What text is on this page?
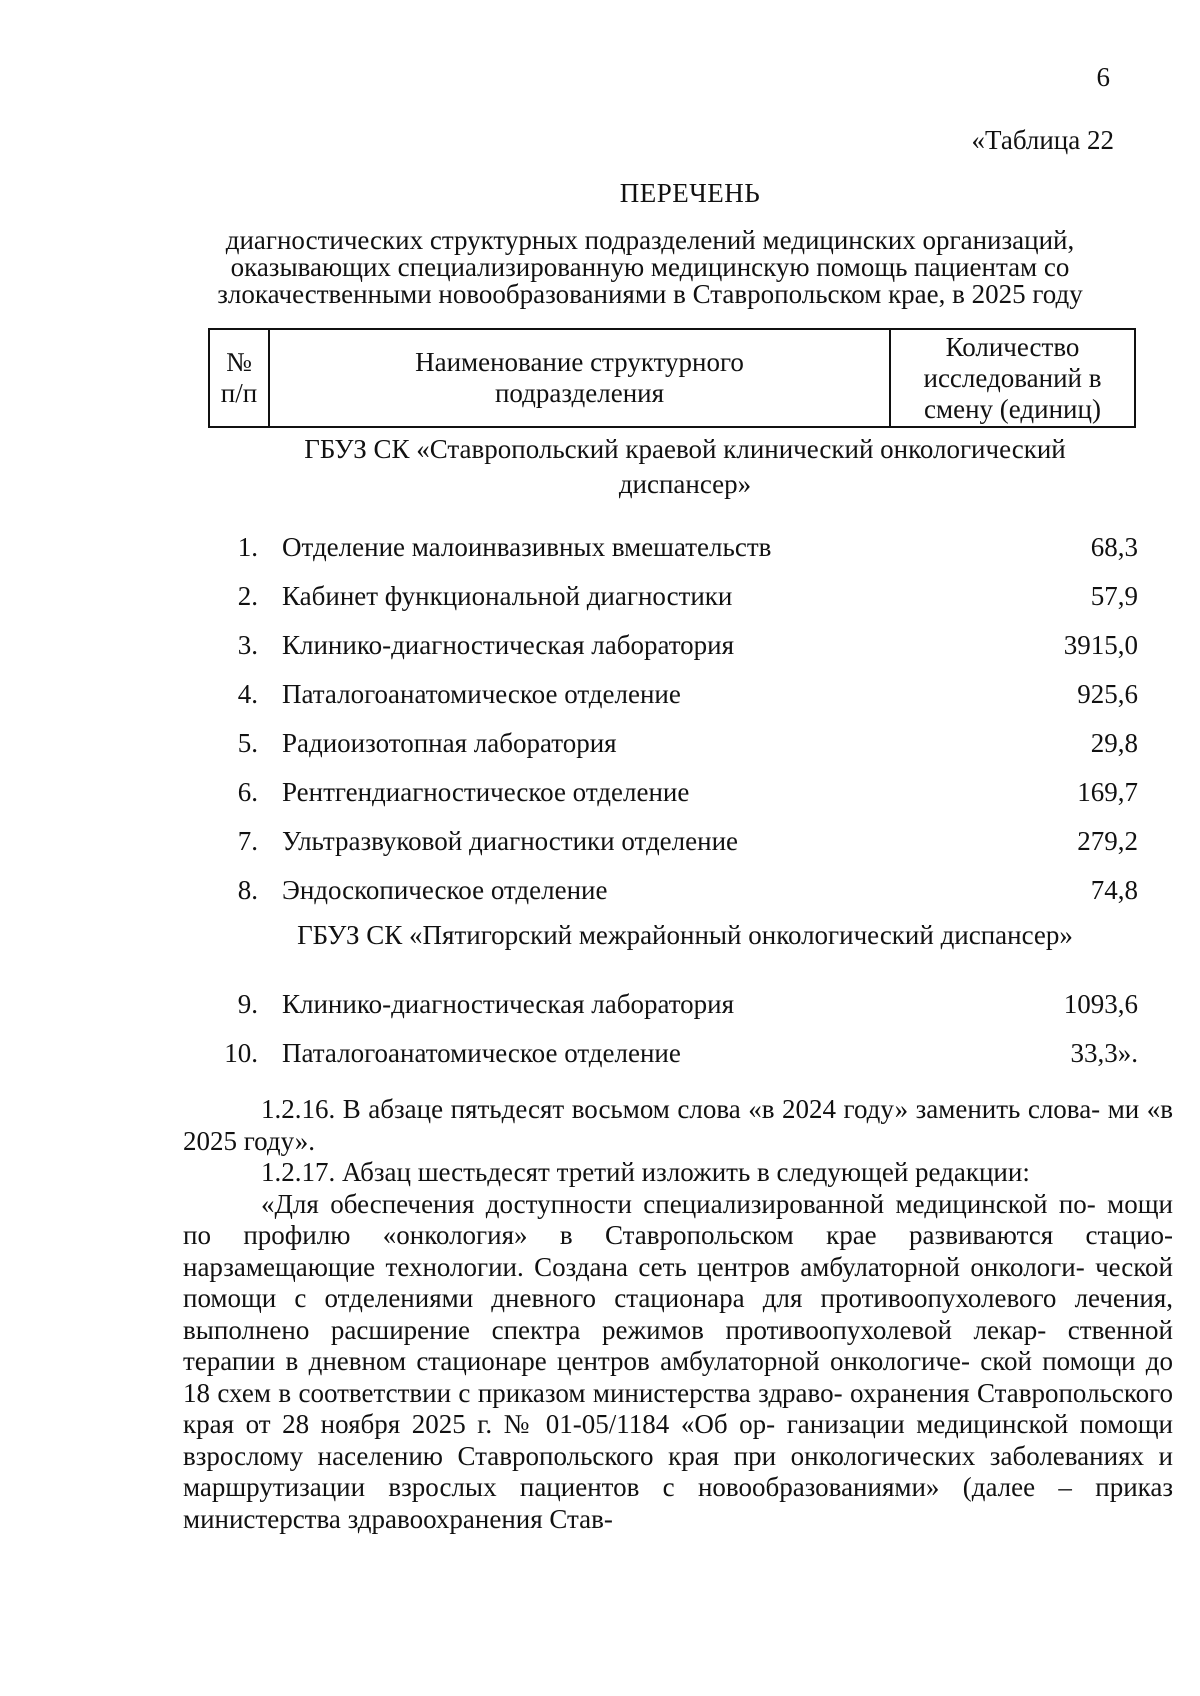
6
«Таблица 22
ПЕРЕЧЕНЬ
диагностических структурных подразделений медицинских организаций,
оказывающих специализированную медицинскую помощь пациентам со
злокачественными новообразованиями в Ставропольском крае, в 2025 году
№
п/п

Наименование структурного
подразделения

Количество
исследований в
смену (единиц)
ГБУЗ СК «Ставропольский краевой клинический онкологический
диспансер»
1. Отделение малоинвазивных вмешательств	68,3
2. Кабинет функциональной диагностики	57,9
3. Клинико-диагностическая лаборатория	3915,0
4. Паталогоанатомическое отделение	925,6
5. Радиоизотопная лаборатория	29,8
6. Рентгендиагностическое отделение	169,7
7. Ультразвуковой диагностики отделение	279,2
8. Эндоскопическое отделение	74,8
ГБУЗ СК «Пятигорский межрайонный онкологический диспансер»
9. Клинико-диагностическая лаборатория	1093,6
10. Паталогоанатомическое отделение	33,3».

1.2.16. В абзаце пятьдесят восьмом слова «в 2024 году» заменить слова- ми «в 2025 году».

1.2.17. Абзац шестьдесят третий изложить в следующей редакции:

«Для обеспечения доступности специализированной медицинской по- мощи по профилю «онкология» в Ставропольском крае развиваются стацио- нарзамещающие технологии. Создана сеть центров амбулаторной онкологи- ческой помощи с отделениями дневного стационара для противоопухолевого лечения, выполнено расширение спектра режимов противоопухолевой лекар- ственной терапии в дневном стационаре центров амбулаторной онкологиче- ской помощи до 18 схем в соответствии с приказом министерства здраво- охранения Ставропольского края от 28 ноября 2025 г. № 01-05/1184 «Об ор- ганизации медицинской помощи взрослому населению Ставропольского края при онкологических заболеваниях и маршрутизации взрослых пациентов с новообразованиями» (далее – приказ министерства здравоохранения Став-
